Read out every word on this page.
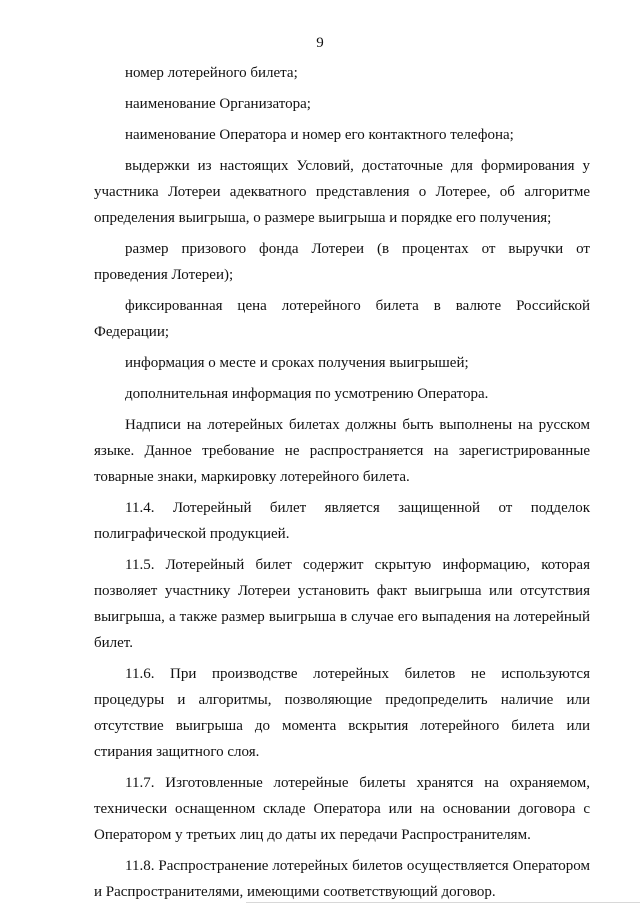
9

номер лотерейного билета;

наименование Организатора;

наименование Оператора и номер его контактного телефона;

выдержки из настоящих Условий, достаточные для формирования у участника Лотереи адекватного представления о Лотерее, об алгоритме определения выигрыша, о размере выигрыша и порядке его получения;

размер призового фонда Лотереи (в процентах от выручки от проведения Лотереи);

фиксированная цена лотерейного билета в валюте Российской Федерации;

информация о месте и сроках получения выигрышей;

дополнительная информация по усмотрению Оператора.

Надписи на лотерейных билетах должны быть выполнены на русском языке. Данное требование не распространяется на зарегистрированные товарные знаки, маркировку лотерейного билета.

11.4. Лотерейный билет является защищенной от подделок полиграфической продукцией.

11.5. Лотерейный билет содержит скрытую информацию, которая позволяет участнику Лотереи установить факт выигрыша или отсутствия выигрыша, а также размер выигрыша в случае его выпадения на лотерейный билет.

11.6. При производстве лотерейных билетов не используются процедуры и алгоритмы, позволяющие предопределить наличие или отсутствие выигрыша до момента вскрытия лотерейного билета или стирания защитного слоя.

11.7. Изготовленные лотерейные билеты хранятся на охраняемом, технически оснащенном складе Оператора или на основании договора с Оператором у третьих лиц до даты их передачи Распространителям.

11.8. Распространение лотерейных билетов осуществляется Оператором и Распространителями, имеющими соответствующий договор.
